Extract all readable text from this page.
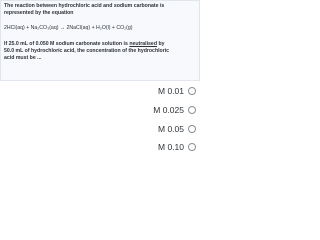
The reaction between hydrochloric acid and sodium carbonate is
represented by the equation
2HCl(aq) + Na₂CO₃(aq) → 2NaCl(aq) + H₂O(l) + CO₂(g)
If 25.0 mL of 0.050 M sodium carbonate solution is neutralised by
50.0 mL of hydrochloric acid, the concentration of the hydrochloric
acid must be ...
M 0.01
M 0.025
M 0.05
M 0.10
